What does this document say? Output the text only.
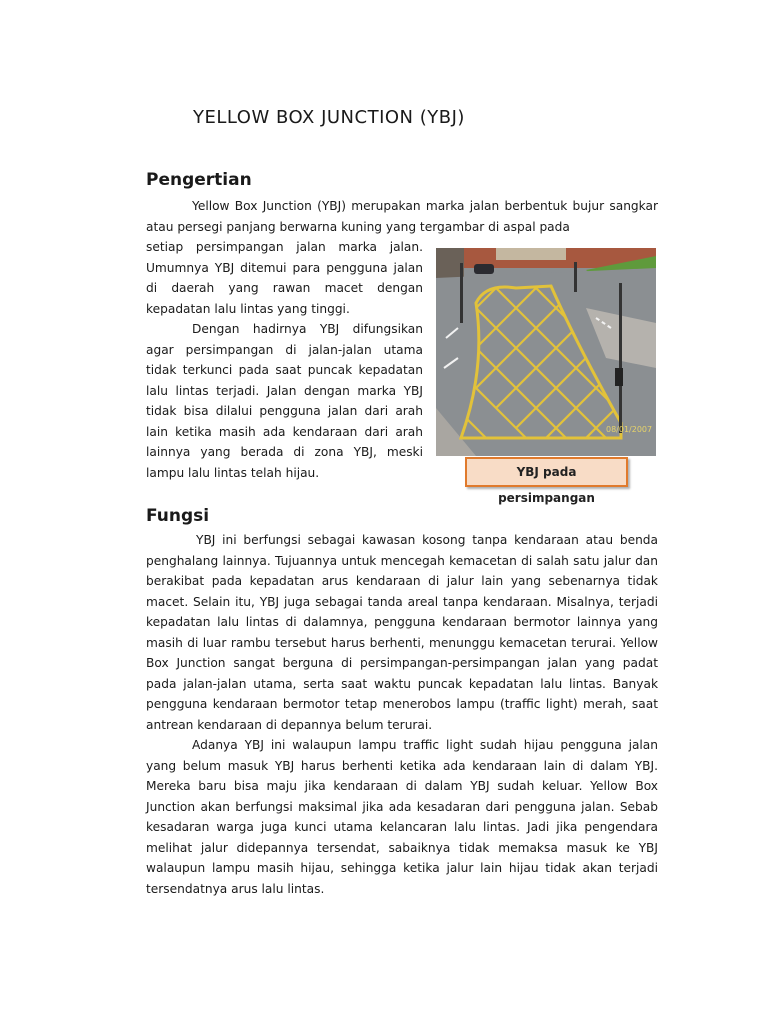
YELLOW BOX JUNCTION (YBJ)
Pengertian

Yellow Box Junction (YBJ) merupakan marka jalan berbentuk bujur sangkar atau persegi panjang berwarna kuning yang tergambar di aspal pada

setiap persimpangan jalan marka jalan. Umumnya YBJ ditemui para pengguna jalan di daerah yang rawan macet dengan kepadatan lalu lintas yang tinggi.

Dengan hadirnya YBJ difungsikan agar persimpangan di jalan-jalan utama tidak terkunci pada saat puncak kepadatan lalu lintas terjadi. Jalan dengan marka YBJ tidak bisa dilalui pengguna jalan dari arah lain ketika masih ada kendaraan dari arah lainnya yang berada di zona YBJ, meski lampu lalu lintas telah hijau.

08/01/2007
YBJ pada persimpangan
Fungsi

YBJ ini berfungsi sebagai kawasan kosong tanpa kendaraan atau benda penghalang lainnya. Tujuannya untuk mencegah kemacetan di salah satu jalur dan berakibat pada kepadatan arus kendaraan di jalur lain yang sebenarnya tidak macet. Selain itu, YBJ juga sebagai tanda areal tanpa kendaraan. Misalnya, terjadi kepadatan lalu lintas di dalamnya, pengguna kendaraan bermotor lainnya yang masih di luar rambu tersebut harus berhenti, menunggu kemacetan terurai. Yellow Box Junction sangat berguna di persimpangan-persimpangan jalan yang padat pada jalan-jalan utama, serta saat waktu puncak kepadatan lalu lintas. Banyak pengguna kendaraan bermotor tetap menerobos lampu (traffic light) merah, saat antrean kendaraan di depannya belum terurai.

Adanya YBJ ini walaupun lampu traffic light sudah hijau pengguna jalan yang belum masuk YBJ harus berhenti ketika ada kendaraan lain di dalam YBJ. Mereka baru bisa maju jika kendaraan di dalam YBJ sudah keluar. Yellow Box Junction akan berfungsi maksimal jika ada kesadaran dari pengguna jalan. Sebab kesadaran warga juga kunci utama kelancaran lalu lintas. Jadi jika pengendara melihat jalur didepannya tersendat, sabaiknya tidak memaksa masuk ke YBJ walaupun lampu masih hijau, sehingga ketika jalur lain hijau tidak akan terjadi tersendatnya arus lalu lintas.
